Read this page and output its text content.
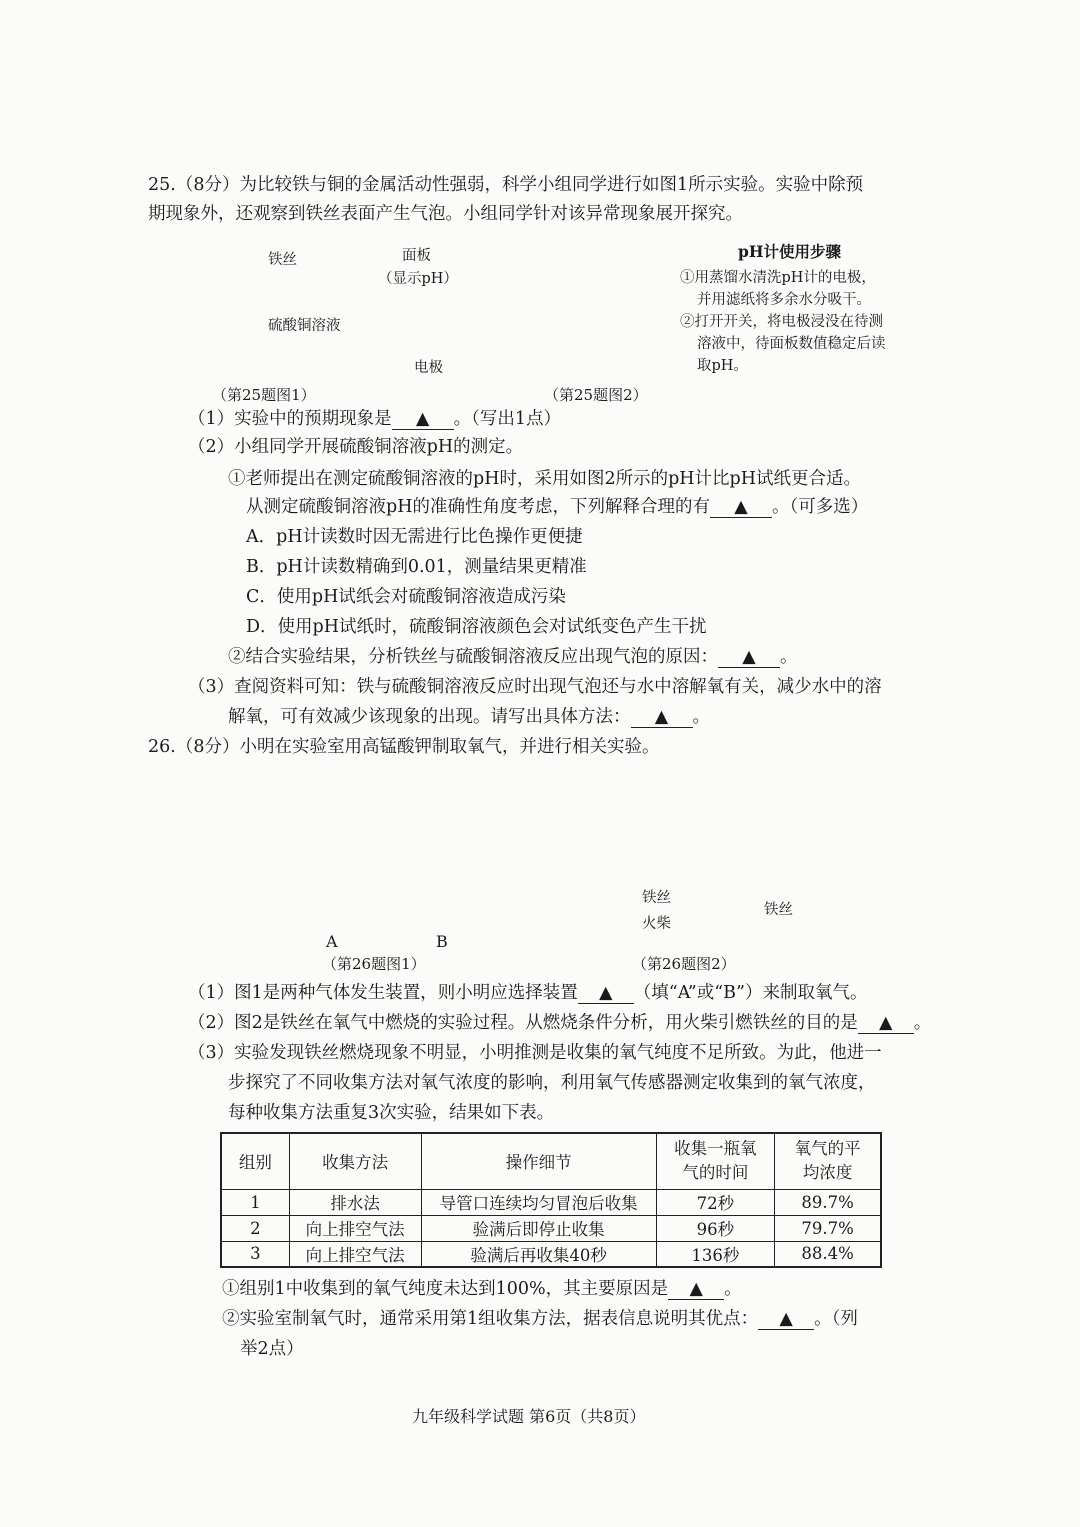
25.（8分）为比较铁与铜的金属活动性强弱，科学小组同学进行如图1所示实验。实验中除预
期现象外，还观察到铁丝表面产生气泡。小组同学针对该异常现象展开探究。
铁丝
硫酸铜溶液
（第25题图1）
SKOEJO
4.00
面板
（显示pH）
电极
（第25题图2）
pH计使用步骤
①用蒸馏水清洗pH计的电极，
并用滤纸将多余水分吸干。
②打开开关，将电极浸没在待测
溶液中，待面板数值稳定后读
取pH。
（1）实验中的预期现象是 ▲ 。（写出1点）
（2）小组同学开展硫酸铜溶液pH的测定。
①老师提出在测定硫酸铜溶液的pH时，采用如图2所示的pH计比pH试纸更合适。
从测定硫酸铜溶液pH的准确性角度考虑，下列解释合理的有 ▲ 。（可多选）
A．pH计读数时因无需进行比色操作更便捷
B．pH计读数精确到0.01，测量结果更精准
C．使用pH试纸会对硫酸铜溶液造成污染
D．使用pH试纸时，硫酸铜溶液颜色会对试纸变色产生干扰
②结合实验结果，分析铁丝与硫酸铜溶液反应出现气泡的原因： ▲ 。
（3）查阅资料可知：铁与硫酸铜溶液反应时出现气泡还与水中溶解氧有关，减少水中的溶
解氧，可有效减少该现象的出现。请写出具体方法： ▲ 。
26.（8分）小明在实验室用高锰酸钾制取氧气，并进行相关实验。
A	B
（第26题图1）
铁丝
火柴
铁丝
（第26题图2）
（1）图1是两种气体发生装置，则小明应选择装置 ▲ （填“A”或“B”）来制取氧气。
（2）图2是铁丝在氧气中燃烧的实验过程。从燃烧条件分析，用火柴引燃铁丝的目的是 ▲ 。
（3）实验发现铁丝燃烧现象不明显，小明推测是收集的氧气纯度不足所致。为此，他进一
步探究了不同收集方法对氧气浓度的影响，利用氧气传感器测定收集到的氧气浓度，
每种收集方法重复3次实验，结果如下表。
组别	收集方法	操作细节	收集一瓶氧
气的时间	氧气的平
均浓度
1	排水法	导管口连续均匀冒泡后收集	72秒	89.7%
2	向上排空气法	验满后即停止收集	96秒	79.7%
3	向上排空气法	验满后再收集40秒	136秒	88.4%
①组别1中收集到的氧气纯度未达到100%，其主要原因是 ▲ 。
②实验室制氧气时，通常采用第1组收集方法，据表信息说明其优点： ▲ 。（列
举2点）
九年级科学试题 第6页（共8页）
